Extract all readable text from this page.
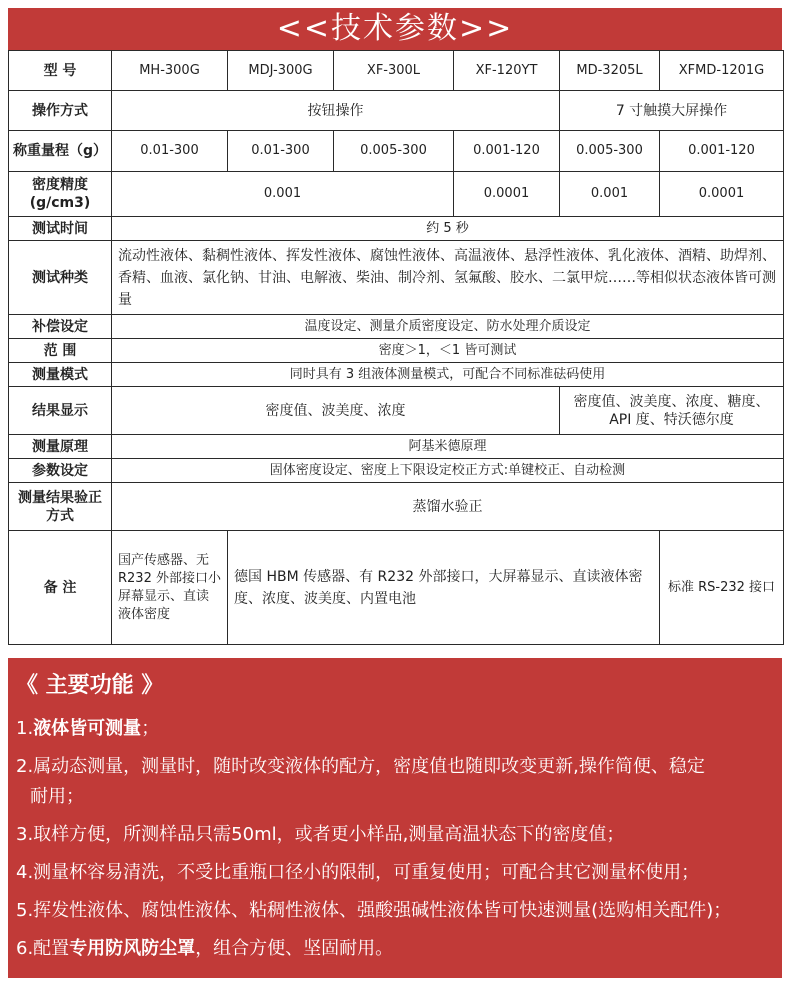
<<技术参数>>
型 号	MH-300G	MDJ-300G	XF-300L	XF-120YT	MD-3205L	XFMD-1201G
操作方式	按钮操作				7 寸触摸大屏操作	
称重量程（g）	0.01-300	0.01-300	0.005-300	0.001-120	0.005-300	0.001-120

密度精度
(g/cm3)	0.001			0.0001	0.001	0.0001
测试时间	约 5 秒					
测试种类	流动性液体、黏稠性液体、挥发性液体、腐蚀性液体、高温液体、悬浮性液体、乳化液体、酒精、助焊剂、香精、血液、氯化钠、甘油、电解液、柴油、制冷剂、氢氟酸、胶水、二氯甲烷……等相似状态液体皆可测量					
补偿设定	温度设定、测量介质密度设定、防水处理介质设定					
范 围	密度＞1，＜1 皆可测试					
测量模式	同时具有 3 组液体测量模式，可配合不同标准砝码使用					
结果显示	密度值、波美度、浓度				密度值、波美度、浓度、糖度、
API 度、特沃德尔度	

测量原理	阿基米德原理					
参数设定	固体密度设定、密度上下限设定校正方式:单键校正、自动检测					

测量结果验正
方式	蒸馏水验正					
备 注	国产传感器、无 R232 外部接口小屏幕显示、直读液体密度	德国 HBM 传感器、有 R232 外部接口，大屏幕显示、直读液体密度、浓度、波美度、内置电池				标准 RS-232 接口
《 主要功能 》
1.液体皆可测量；
2.属动态测量，测量时，随时改变液体的配方，密度值也随即改变更新,操作简便、稳定
耐用；
3.取样方便，所测样品只需50ml，或者更小样品,测量高温状态下的密度值；
4.测量杯容易清洗，不受比重瓶口径小的限制，可重复使用；可配合其它测量杯使用；
5.挥发性液体、腐蚀性液体、粘稠性液体、强酸强碱性液体皆可快速测量(选购相关配件)；
6.配置专用防风防尘罩，组合方便、坚固耐用。
